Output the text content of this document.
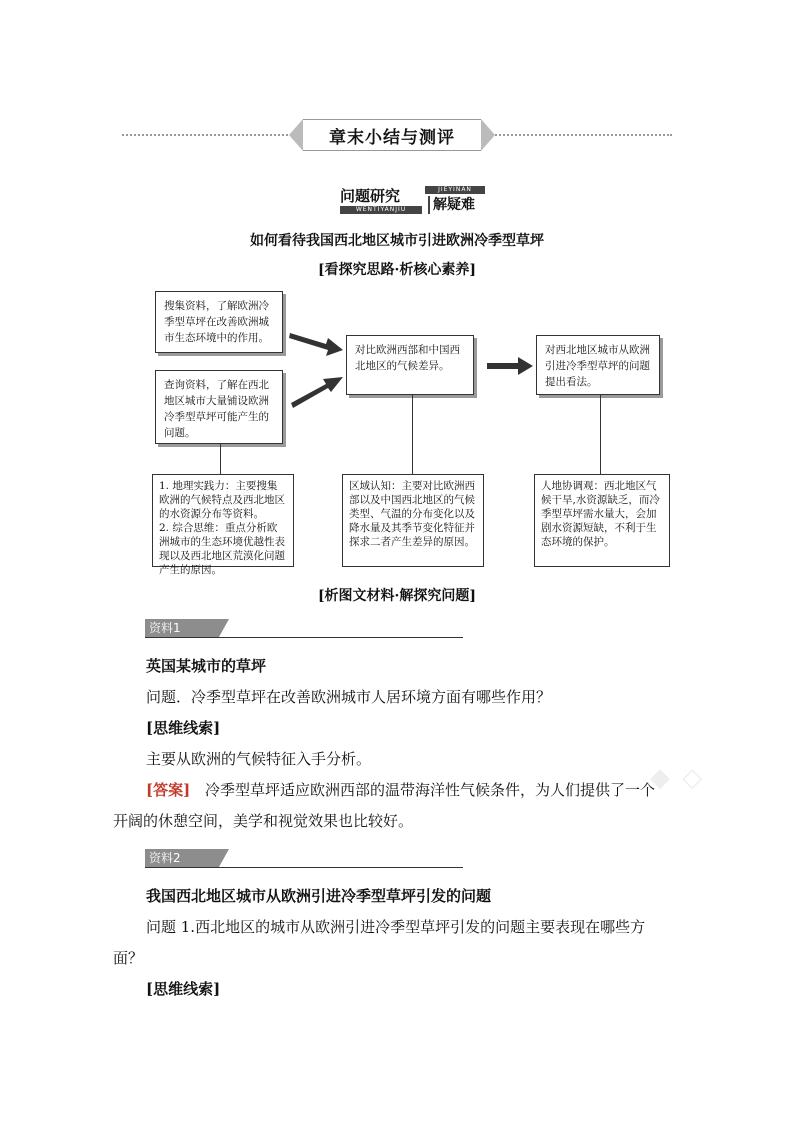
章末小结与测评
问题研究	JIEYINAN
WENTIYANJIU	解疑难
如何看待我国西北地区城市引进欧洲冷季型草坪
[看探究思路·析核心素养]
搜集资料，了解欧洲冷季型草坪在改善欧洲城市生态环境中的作用。
查询资料，了解在西北地区城市大量铺设欧洲冷季型草坪可能产生的问题。
对比欧洲西部和中国西北地区的气候差异。
对西北地区城市从欧洲引进冷季型草坪的问题提出看法。
1. 地理实践力：主要搜集欧洲的气候特点及西北地区的水资源分布等资料。
2. 综合思维：重点分析欧洲城市的生态环境优越性表现以及西北地区荒漠化问题产生的原因。
区域认知：主要对比欧洲西部以及中国西北地区的气候类型、气温的分布变化以及降水量及其季节变化特征并探求二者产生差异的原因。
人地协调观：西北地区气候干旱,水资源缺乏，而冷季型草坪需水量大，会加剧水资源短缺，不利于生态环境的保护。
[析图文材料·解探究问题]
资料1
英国某城市的草坪
问题．冷季型草坪在改善欧洲城市人居环境方面有哪些作用？
[思维线索]
主要从欧洲的气候特征入手分析。
[答案] 冷季型草坪适应欧洲西部的温带海洋性气候条件，为人们提供了一个
开阔的休憩空间，美学和视觉效果也比较好。
◆ ◇
资料2
我国西北地区城市从欧洲引进冷季型草坪引发的问题
问题 1.西北地区的城市从欧洲引进冷季型草坪引发的问题主要表现在哪些方
面？
[思维线索]
